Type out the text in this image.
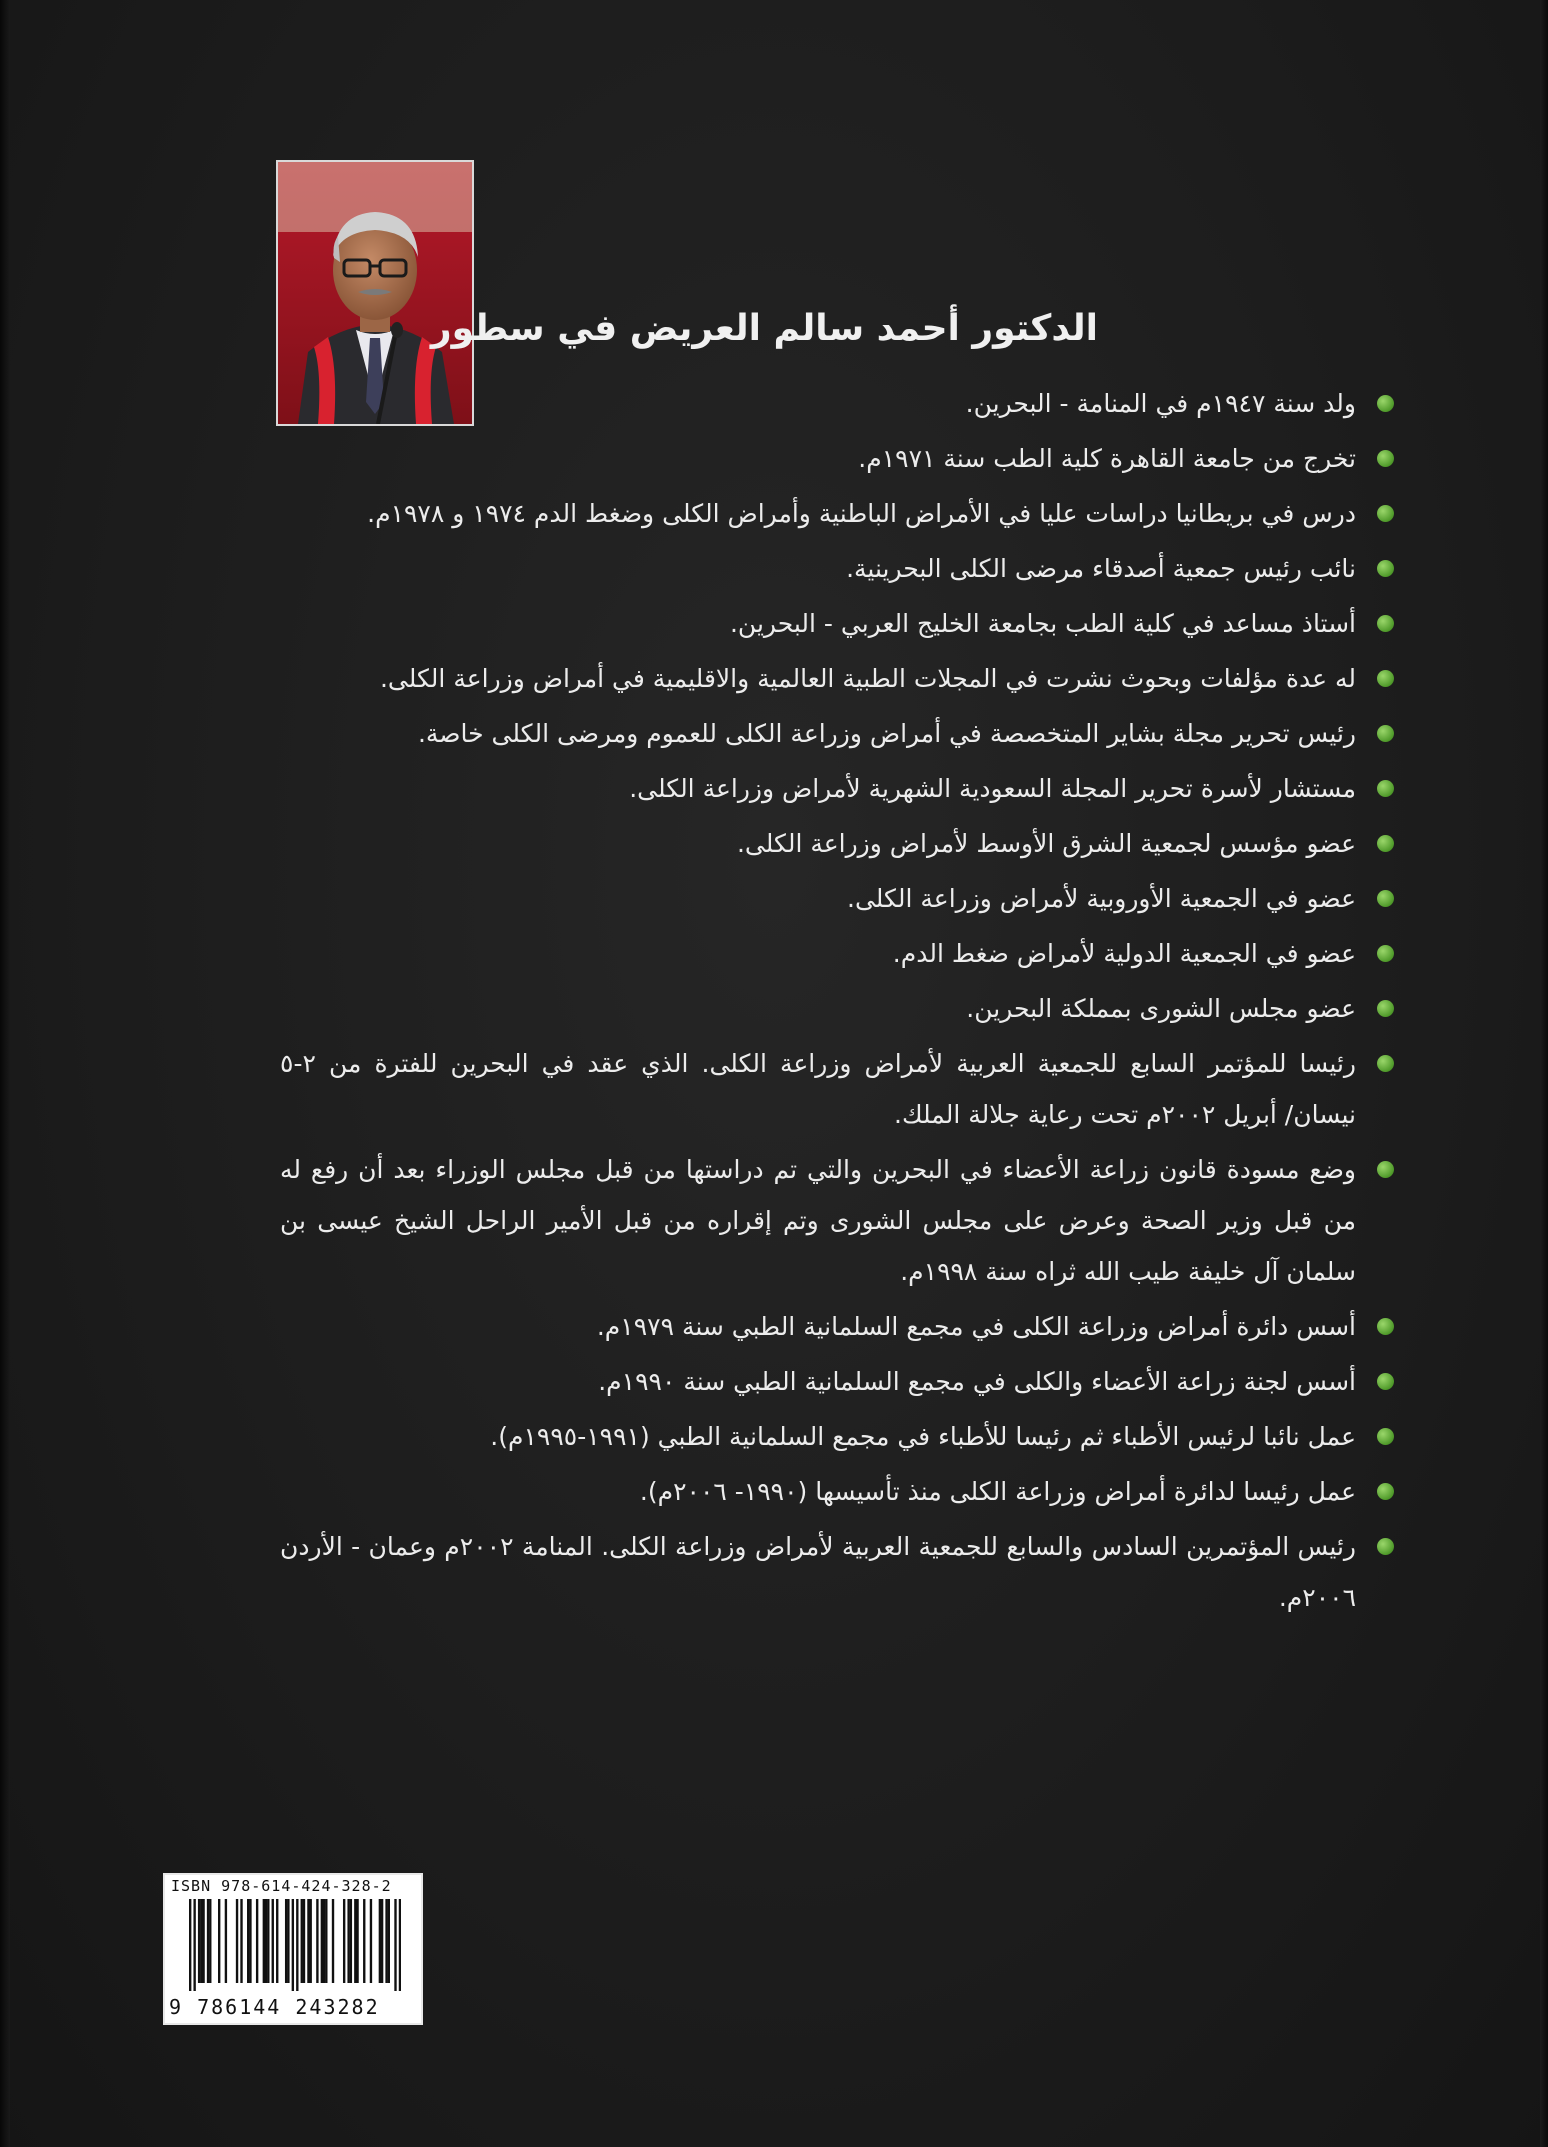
الدكتور أحمد سالم العريض في سطور
ولد سنة ١٩٤٧م في المنامة - البحرين.
تخرج من جامعة القاهرة كلية الطب سنة ١٩٧١م.
درس في بريطانيا دراسات عليا في الأمراض الباطنية وأمراض الكلى وضغط الدم ١٩٧٤ و ١٩٧٨م.
نائب رئيس جمعية أصدقاء مرضى الكلى البحرينية.
أستاذ مساعد في كلية الطب بجامعة الخليج العربي - البحرين.
له عدة مؤلفات وبحوث نشرت في المجلات الطبية العالمية والاقليمية في أمراض وزراعة الكلى.
رئيس تحرير مجلة بشاير المتخصصة في أمراض وزراعة الكلى للعموم ومرضى الكلى خاصة.
مستشار لأسرة تحرير المجلة السعودية الشهرية لأمراض وزراعة الكلى.
عضو مؤسس لجمعية الشرق الأوسط لأمراض وزراعة الكلى.
عضو في الجمعية الأوروبية لأمراض وزراعة الكلى.
عضو في الجمعية الدولية لأمراض ضغط الدم.
عضو مجلس الشورى بمملكة البحرين.
رئيسا للمؤتمر السابع للجمعية العربية لأمراض وزراعة الكلى. الذي عقد في البحرين للفترة من ٢-٥ نيسان/ أبريل ٢٠٠٢م تحت رعاية جلالة الملك.
وضع مسودة قانون زراعة الأعضاء في البحرين والتي تم دراستها من قبل مجلس الوزراء بعد أن رفع له من قبل وزير الصحة وعرض على مجلس الشورى وتم إقراره من قبل الأمير الراحل الشيخ عيسى بن سلمان آل خليفة طيب الله ثراه سنة ١٩٩٨م.
أسس دائرة أمراض وزراعة الكلى في مجمع السلمانية الطبي سنة ١٩٧٩م.
أسس لجنة زراعة الأعضاء والكلى في مجمع السلمانية الطبي سنة ١٩٩٠م.
عمل نائبا لرئيس الأطباء ثم رئيسا للأطباء في مجمع السلمانية الطبي (١٩٩١-١٩٩٥م).
عمل رئيسا لدائرة أمراض وزراعة الكلى منذ تأسيسها (١٩٩٠- ٢٠٠٦م).
رئيس المؤتمرين السادس والسابع للجمعية العربية لأمراض وزراعة الكلى. المنامة ٢٠٠٢م وعمان - الأردن ٢٠٠٦م.
ISBN 978-614-424-328-2
9 786144 243282
